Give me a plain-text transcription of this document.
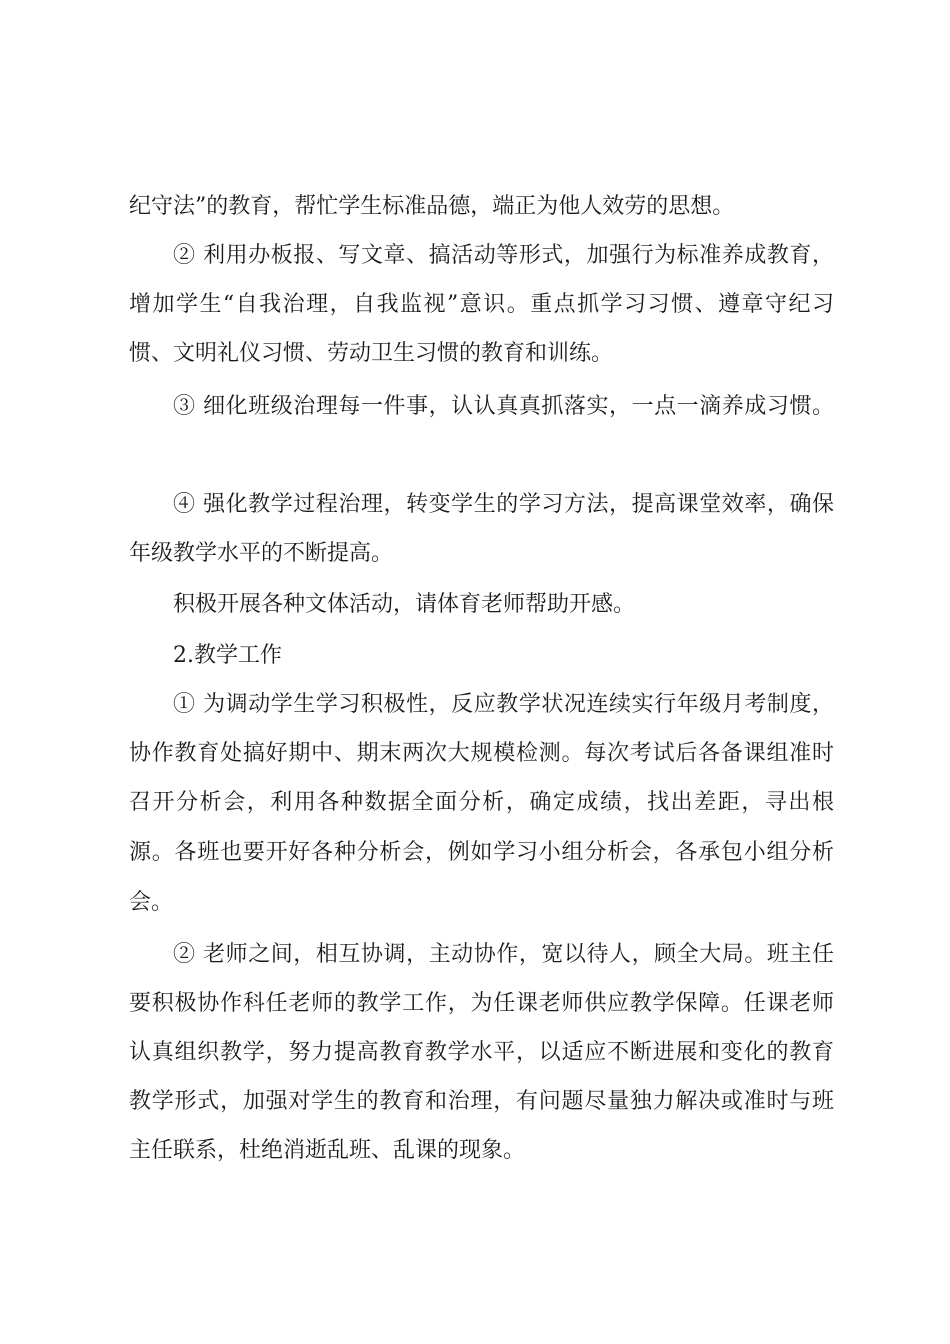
纪守法”的教育，帮忙学生标准品德，端正为他人效劳的思想。
② 利用办板报、写文章、搞活动等形式，加强行为标准养成教育，
增加学生“自我治理，自我监视”意识。重点抓学习习惯、遵章守纪习
惯、文明礼仪习惯、劳动卫生习惯的教育和训练。
③ 细化班级治理每一件事，认认真真抓落实，一点一滴养成习惯。
④ 强化教学过程治理，转变学生的学习方法，提高课堂效率，确保
年级教学水平的不断提高。
积极开展各种文体活动，请体育老师帮助开感。
2.教学工作
① 为调动学生学习积极性，反应教学状况连续实行年级月考制度，
协作教育处搞好期中、期末两次大规模检测。每次考试后各备课组准时
召开分析会，利用各种数据全面分析，确定成绩，找出差距，寻出根
源。各班也要开好各种分析会，例如学习小组分析会，各承包小组分析
会。
② 老师之间，相互协调，主动协作，宽以待人，顾全大局。班主任
要积极协作科任老师的教学工作，为任课老师供应教学保障。任课老师
认真组织教学，努力提高教育教学水平，以适应不断进展和变化的教育
教学形式，加强对学生的教育和治理，有问题尽量独力解决或准时与班
主任联系，杜绝消逝乱班、乱课的现象。
